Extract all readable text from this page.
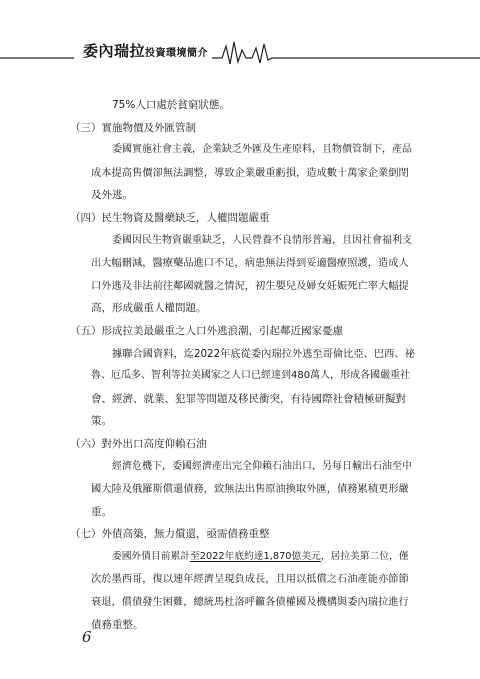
委內瑞拉投資環境簡介
75%人口處於貧窮狀態。
（三）實施物價及外匯管制
委國實施社會主義，企業缺乏外匯及生產原料，且物價管制下，產品
成本提高售價卻無法調整，導致企業嚴重虧損，造成數十萬家企業倒閉
及外逃。
（四）民生物資及醫藥缺乏，人權問題嚴重
委國因民生物資嚴重缺乏，人民營養不良情形普遍，且因社會福利支
出大幅刪減，醫療藥品進口不足，病患無法得到妥適醫療照護，造成人
口外逃及非法前往鄰國就醫之情況，初生嬰兒及婦女妊娠死亡率大幅提
高，形成嚴重人權問題。
（五）形成拉美最嚴重之人口外逃浪潮，引起鄰近國家憂慮
據聯合國資料，迄2022年底從委內瑞拉外逃至哥倫比亞、巴西、祕
魯、厄瓜多、智利等拉美國家之人口已經達到480萬人，形成各國嚴重社
會、經濟、就業、犯罪等問題及移民衝突，有待國際社會積極研擬對
策。
（六）對外出口高度仰賴石油
經濟危機下，委國經濟產出完全仰賴石油出口，另每日輸出石油至中
國大陸及俄羅斯償還債務，致無法出售原油換取外匯，債務累積更形嚴
重。
（七）外債高築，無力償還，亟需債務重整
委國外債目前累計至2022年底約達1,870億美元，居拉美第二位，僅
次於墨西哥，復以連年經濟呈現負成長，且用以抵償之石油產能亦節節
衰退，償債發生困難，總統馬杜洛呼籲各債權國及機構與委內瑞拉進行
債務重整。
6
